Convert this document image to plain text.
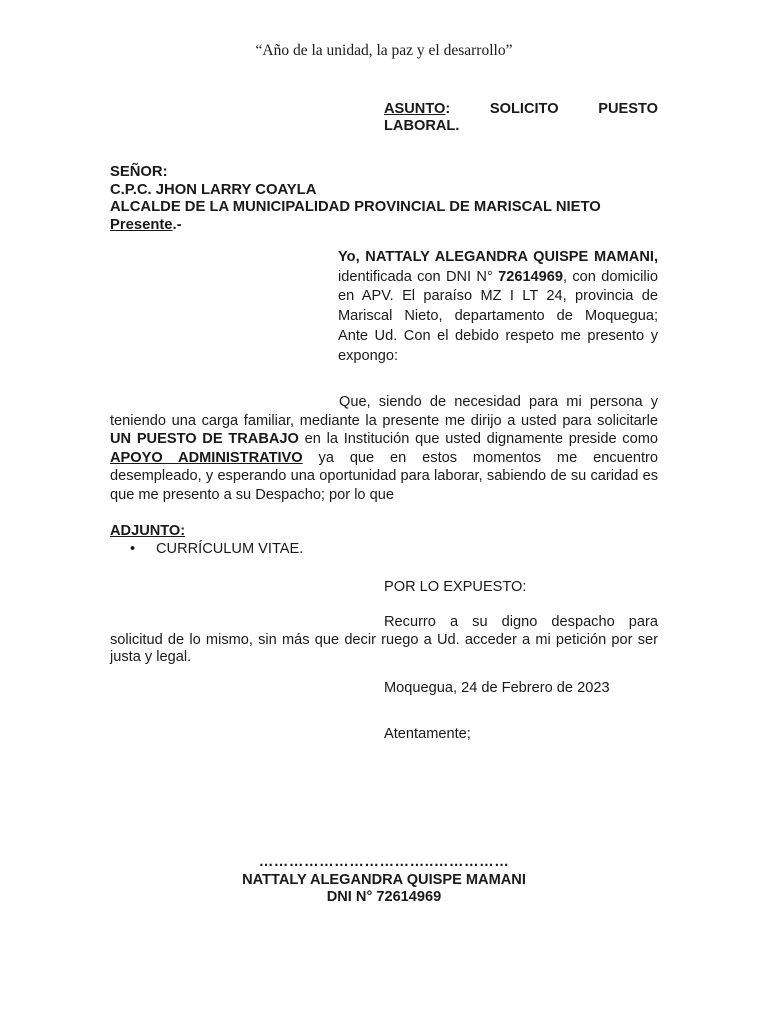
“Año de la unidad, la paz y el desarrollo”
ASUNTO: SOLICITO PUESTO LABORAL.
SEÑOR:
C.P.C. JHON LARRY COAYLA
ALCALDE DE LA MUNICIPALIDAD PROVINCIAL DE MARISCAL NIETO
Presente.-
Yo, NATTALY ALEGANDRA QUISPE MAMANI, identificada con DNI N° 72614969, con domicilio en APV. El paraíso MZ I LT 24, provincia de Mariscal Nieto, departamento de Moquegua; Ante Ud. Con el debido respeto me presento y expongo:
Que, siendo de necesidad para mi persona y teniendo una carga familiar, mediante la presente me dirijo a usted para solicitarle UN PUESTO DE TRABAJO en la Institución que usted dignamente preside como APOYO ADMINISTRATIVO ya que en estos momentos me encuentro desempleado, y esperando una oportunidad para laborar, sabiendo de su caridad es que me presento a su Despacho; por lo que
ADJUNTO:
• CURRÍCULUM VITAE.
POR LO EXPUESTO:
Recurro a su digno despacho para solicitud de lo mismo, sin más que decir ruego a Ud. acceder a mi petición por ser justa y legal.
Moquegua, 24 de Febrero de 2023
Atentamente;
……………………………..……………
NATTALY ALEGANDRA QUISPE MAMANI
DNI N° 72614969
